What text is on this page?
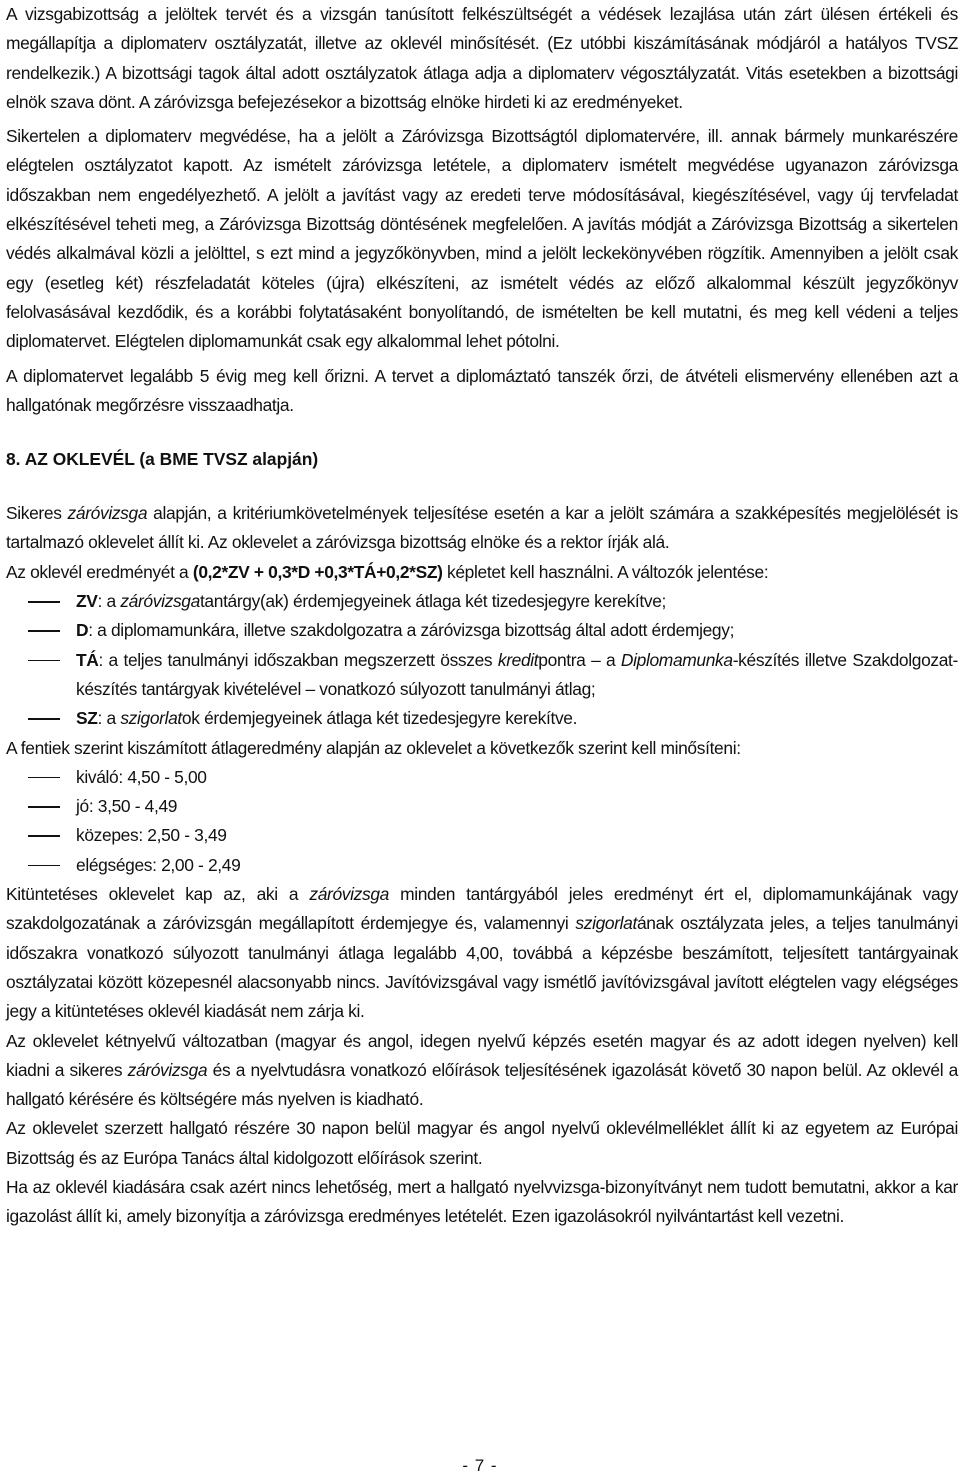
A vizsgabizottság a jelöltek tervét és a vizsgán tanúsított felkészültségét a védések lezajlása után zárt ülésen értékeli és megállapítja a diplomaterv osztályzatát, illetve az oklevél minősítését. (Ez utóbbi kiszámításának módjáról a hatályos TVSZ rendelkezik.) A bizottsági tagok által adott osztályzatok átlaga adja a diplomaterv végosztályzatát. Vitás esetekben a bizottsági elnök szava dönt. A záróvizsga befejezésekor a bizottság elnöke hirdeti ki az eredményeket.

Sikertelen a diplomaterv megvédése, ha a jelölt a Záróvizsga Bizottságtól diplomatervére, ill. annak bármely munkarészére elégtelen osztályzatot kapott. Az ismételt záróvizsga letétele, a diplomaterv ismételt megvédése ugyanazon záróvizsga időszakban nem engedélyezhető. A jelölt a javítást vagy az eredeti terve módosításával, kiegészítésével, vagy új tervfeladat elkészítésével teheti meg, a Záróvizsga Bizottság döntésének megfelelően. A javítás módját a Záróvizsga Bizottság a sikertelen védés alkalmával közli a jelölttel, s ezt mind a jegyzőkönyvben, mind a jelölt leckekönyvében rögzítik. Amennyiben a jelölt csak egy (esetleg két) részfeladatát köteles (újra) elkészíteni, az ismételt védés az előző alkalommal készült jegyzőkönyv felolvasásával kezdődik, és a korábbi folytatásaként bonyolítandó, de ismételten be kell mutatni, és meg kell védeni a teljes diplomatervet. Elégtelen diplomamunkát csak egy alkalommal lehet pótolni.

A diplomatervet legalább 5 évig meg kell őrizni. A tervet a diplomáztató tanszék őrzi, de átvételi elismervény ellenében azt a hallgatónak megőrzésre visszaadhatja.

8. AZ OKLEVÉL (a BME TVSZ alapján)

Sikeres záróvizsga alapján, a kritériumkövetelmények teljesítése esetén a kar a jelölt számára a szakképesítés megjelölését is tartalmazó oklevelet állít ki. Az oklevelet a záróvizsga bizottság elnöke és a rektor írják alá.

Az oklevél eredményét a (0,2*ZV + 0,3*D +0,3*TÁ+0,2*SZ) képletet kell használni. A változók jelentése:

ZV: a záróvizsgatantárgy(ak) érdemjegyeinek átlaga két tizedesjegyre kerekítve;
D: a diplomamunkára, illetve szakdolgozatra a záróvizsga bizottság által adott érdemjegy;
TÁ: a teljes tanulmányi időszakban megszerzett összes kreditpontra – a Diplomamunka-készítés illetve Szakdolgozat-készítés tantárgyak kivételével – vonatkozó súlyozott tanulmányi átlag;
SZ: a szigorlatok érdemjegyeinek átlaga két tizedesjegyre kerekítve.

A fentiek szerint kiszámított átlageredmény alapján az oklevelet a következők szerint kell minősíteni:

kiváló: 4,50 - 5,00
jó: 3,50 - 4,49
közepes: 2,50 - 3,49
elégséges: 2,00 - 2,49

Kitüntetéses oklevelet kap az, aki a záróvizsga minden tantárgyából jeles eredményt ért el, diplomamunkájának vagy szakdolgozatának a záróvizsgán megállapított érdemjegye és, valamennyi szigorlatának osztályzata jeles, a teljes tanulmányi időszakra vonatkozó súlyozott tanulmányi átlaga legalább 4,00, továbbá a képzésbe beszámított, teljesített tantárgyainak osztályzatai között közepesnél alacsonyabb nincs. Javítóvizsgával vagy ismétlő javítóvizsgával javított elégtelen vagy elégséges jegy a kitüntetéses oklevél kiadását nem zárja ki.

Az oklevelet kétnyelvű változatban (magyar és angol, idegen nyelvű képzés esetén magyar és az adott idegen nyelven) kell kiadni a sikeres záróvizsga és a nyelvtudásra vonatkozó előírások teljesítésének igazolását követő 30 napon belül. Az oklevél a hallgató kérésére és költségére más nyelven is kiadható.

Az oklevelet szerzett hallgató részére 30 napon belül magyar és angol nyelvű oklevélmelléklet állít ki az egyetem az Európai Bizottság és az Európa Tanács által kidolgozott előírások szerint.

Ha az oklevél kiadására csak azért nincs lehetőség, mert a hallgató nyelvvizsga-bizonyítványt nem tudott bemutatni, akkor a kar igazolást állít ki, amely bizonyítja a záróvizsga eredményes letételét. Ezen igazolásokról nyilvántartást kell vezetni.

- 7 -
